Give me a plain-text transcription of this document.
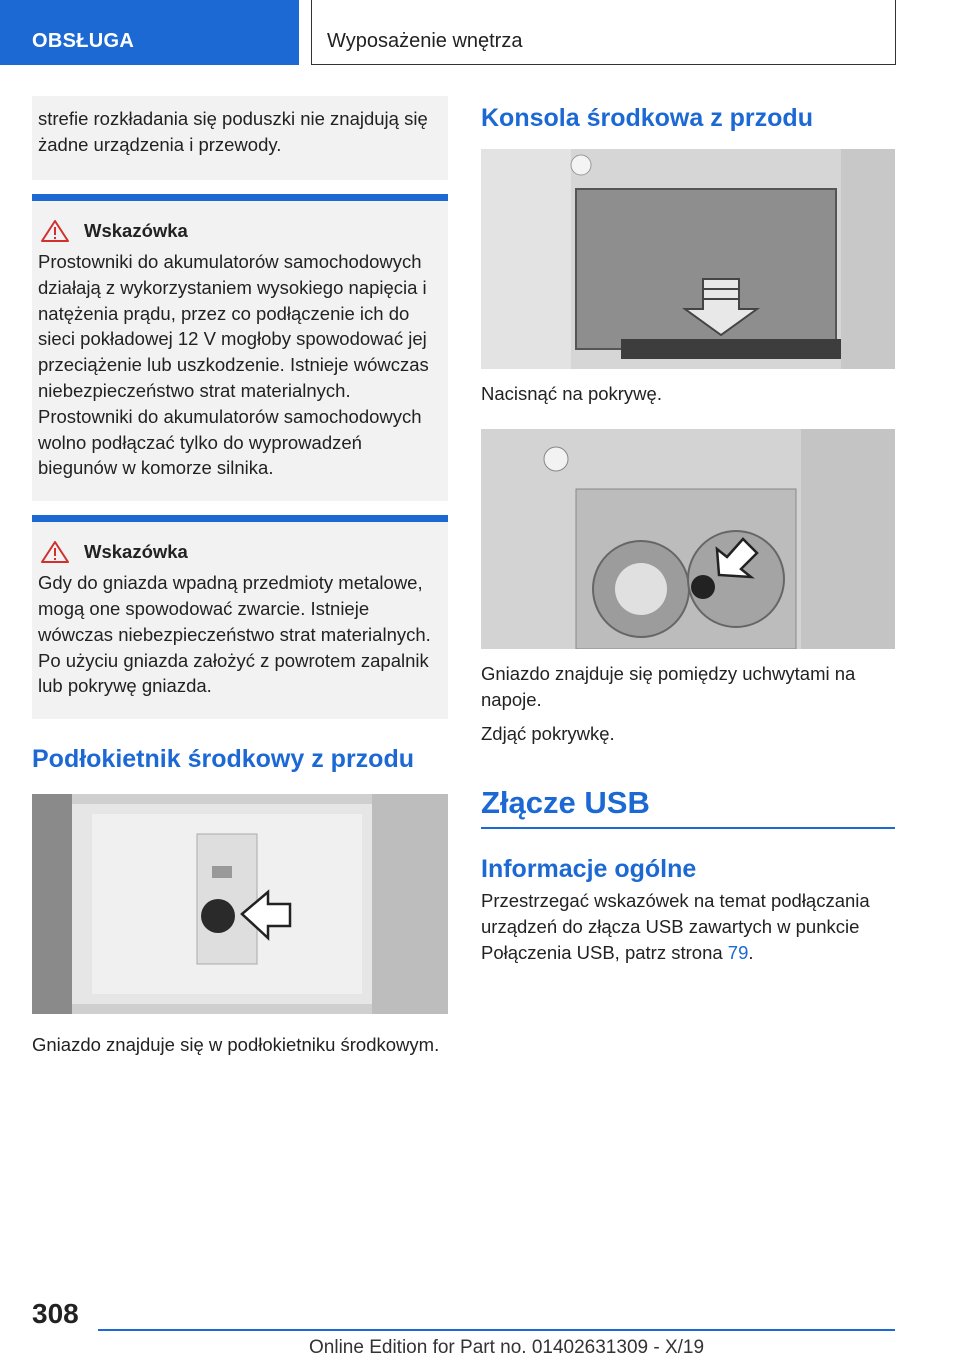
OBSŁUGA	Wyposażenie wnętrza
strefie rozkładania się poduszki nie znajdują się żadne urządzenia i przewody.
Wskazówka
Prostowniki do akumulatorów samochodowych działają z wykorzystaniem wysokiego napięcia i natężenia prądu, przez co podłączenie ich do sieci pokładowej 12 V mogłoby spowodować jej przeciążenie lub uszkodzenie. Istnieje wówczas niebezpieczeństwo strat materialnych. Prostowniki do akumulatorów samochodowych wolno podłączać tylko do wyprowadzeń biegunów w komorze silnika.
Wskazówka
Gdy do gniazda wpadną przedmioty metalowe, mogą one spowodować zwarcie. Istnieje wówczas niebezpieczeństwo strat materialnych. Po użyciu gniazda założyć z powrotem zapalnik lub pokrywę gniazda.
Podłokietnik środkowy z przodu
Gniazdo znajduje się w podłokietniku środkowym.
Konsola środkowa z przodu
Nacisnąć na pokrywę.
Gniazdo znajduje się pomiędzy uchwytami na napoje.
Zdjąć pokrywkę.
Złącze USB
Informacje ogólne
Przestrzegać wskazówek na temat podłączania urządzeń do złącza USB zawartych w punkcie Połączenia USB, patrz strona 79.
308
Online Edition for Part no. 01402631309 - X/19
